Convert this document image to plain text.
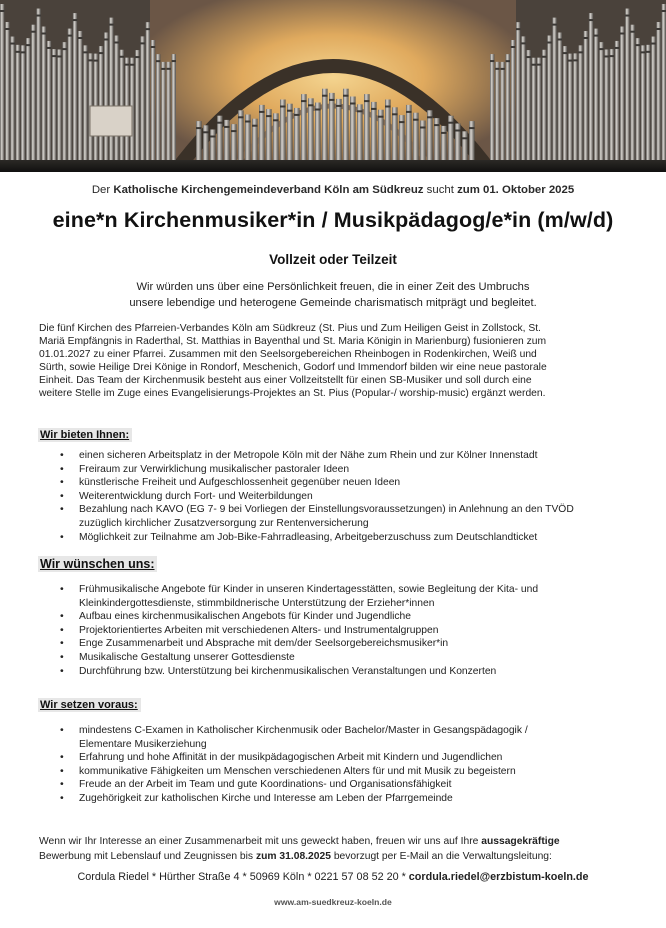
Der Katholische Kirchengemeindeverband Köln am Südkreuz sucht zum 01. Oktober 2025
eine*n Kirchenmusiker*in / Musikpädagog/e*in (m/w/d)
Vollzeit oder Teilzeit
Wir würden uns über eine Persönlichkeit freuen, die in einer Zeit des Umbruchs
unsere lebendige und heterogene Gemeinde charismatisch mitprägt und begleitet.
Die fünf Kirchen des Pfarreien-Verbandes Köln am Südkreuz (St. Pius und Zum Heiligen Geist in Zollstock, St.
Mariä Empfängnis in Raderthal, St. Matthias in Bayenthal und St. Maria Königin in Marienburg) fusionieren zum
01.01.2027 zu einer Pfarrei. Zusammen mit den Seelsorgebereichen Rheinbogen in Rodenkirchen, Weiß und
Sürth, sowie Heilige Drei Könige in Rondorf, Meschenich, Godorf und Immendorf bilden wir eine neue pastorale
Einheit. Das Team der Kirchenmusik besteht aus einer Vollzeitstellt für einen SB-Musiker und soll durch eine
weitere Stelle im Zuge eines Evangelisierungs-Projektes an St. Pius (Popular-/ worship-music) ergänzt werden.
Wir bieten Ihnen:
• einen sicheren Arbeitsplatz in der Metropole Köln mit der Nähe zum Rhein und zur Kölner Innenstadt
• Freiraum zur Verwirklichung musikalischer pastoraler Ideen
• künstlerische Freiheit und Aufgeschlossenheit gegenüber neuen Ideen
• Weiterentwicklung durch Fort- und Weiterbildungen
• Bezahlung nach KAVO (EG 7- 9 bei Vorliegen der Einstellungsvoraussetzungen) in Anlehnung an den TVÖD
zuzüglich kirchlicher Zusatzversorgung zur Rentenversicherung
• Möglichkeit zur Teilnahme am Job-Bike-Fahrradleasing, Arbeitgeberzuschuss zum Deutschlandticket
Wir wünschen uns:
• Frühmusikalische Angebote für Kinder in unseren Kindertagesstätten, sowie Begleitung der Kita- und
Kleinkindergottesdienste, stimmbildnerische Unterstützung der Erzieher*innen
• Aufbau eines kirchenmusikalischen Angebots für Kinder und Jugendliche
• Projektorientiertes Arbeiten mit verschiedenen Alters- und Instrumentalgruppen
• Enge Zusammenarbeit und Absprache mit dem/der Seelsorgebereichsmusiker*in
• Musikalische Gestaltung unserer Gottesdienste
• Durchführung bzw. Unterstützung bei kirchenmusikalischen Veranstaltungen und Konzerten
Wir setzen voraus:
• mindestens C-Examen in Katholischer Kirchenmusik oder Bachelor/Master in Gesangspädagogik /
Elementare Musikerziehung
• Erfahrung und hohe Affinität in der musikpädagogischen Arbeit mit Kindern und Jugendlichen
• kommunikative Fähigkeiten um Menschen verschiedenen Alters für und mit Musik zu begeistern
• Freude an der Arbeit im Team und gute Koordinations- und Organisationsfähigkeit
• Zugehörigkeit zur katholischen Kirche und Interesse am Leben der Pfarrgemeinde
Wenn wir Ihr Interesse an einer Zusammenarbeit mit uns geweckt haben, freuen wir uns auf Ihre aussagekräftige
Bewerbung mit Lebenslauf und Zeugnissen bis zum 31.08.2025 bevorzugt per E-Mail an die Verwaltungsleitung:
Cordula Riedel * Hürther Straße 4 * 50969 Köln * 0221 57 08 52 20 * cordula.riedel@erzbistum-koeln.de
www.am-suedkreuz-koeln.de
